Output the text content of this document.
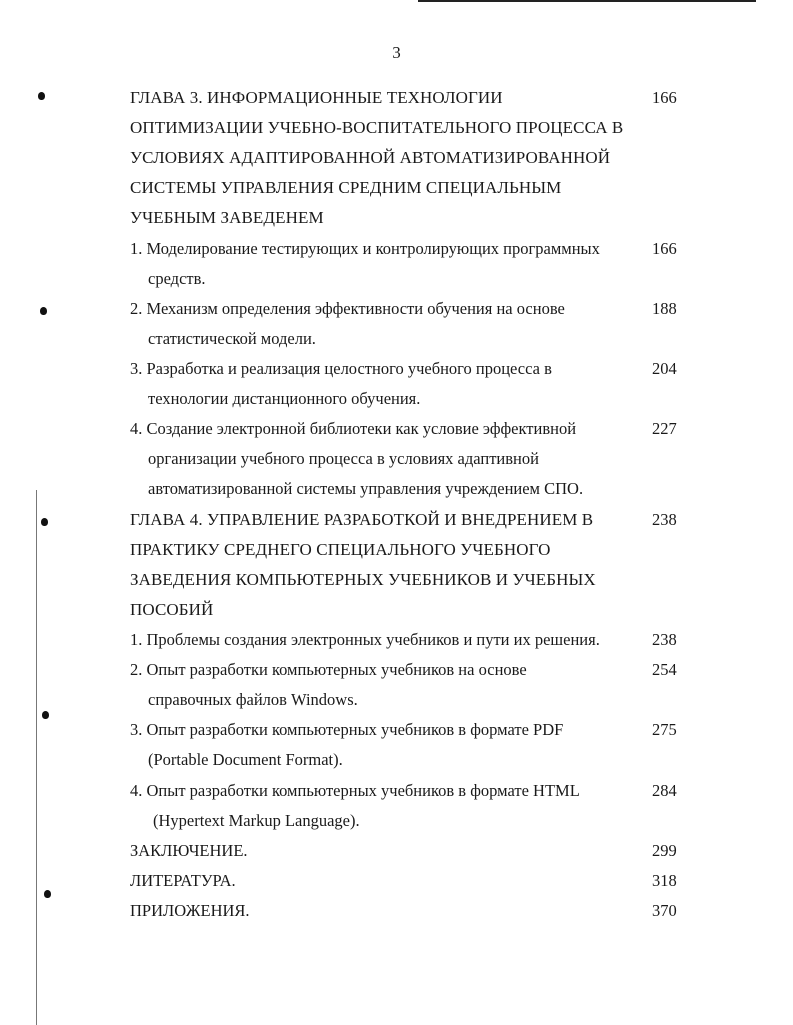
3
ГЛАВА 3. ИНФОРМАЦИОННЫЕ ТЕХНОЛОГИИ	166
ОПТИМИЗАЦИИ УЧЕБНО-ВОСПИТАТЕЛЬНОГО ПРОЦЕССА В
УСЛОВИЯХ АДАПТИРОВАННОЙ АВТОМАТИЗИРОВАННОЙ
СИСТЕМЫ УПРАВЛЕНИЯ СРЕДНИМ СПЕЦИАЛЬНЫМ
УЧЕБНЫМ ЗАВЕДЕНЕМ
1. Моделирование тестирующих и контролирующих программных	166
средств.
2. Механизм определения эффективности обучения на основе	188
статистической модели.
3. Разработка и реализация целостного учебного процесса в	204
технологии дистанционного обучения.
4. Создание электронной библиотеки как условие эффективной	227
организации учебного процесса в условиях адаптивной
автоматизированной системы управления учреждением СПО.
ГЛАВА 4. УПРАВЛЕНИЕ РАЗРАБОТКОЙ И ВНЕДРЕНИЕМ В	238
ПРАКТИКУ СРЕДНЕГО СПЕЦИАЛЬНОГО УЧЕБНОГО
ЗАВЕДЕНИЯ КОМПЬЮТЕРНЫХ УЧЕБНИКОВ И УЧЕБНЫХ
ПОСОБИЙ
1. Проблемы создания электронных учебников и пути их решения.	238
2. Опыт разработки компьютерных учебников на основе	254
справочных файлов Windows.
3. Опыт разработки компьютерных учебников в формате PDF	275
(Portable Document Format).
4. Опыт разработки компьютерных учебников в формате HTML	284
(Hypertext Markup Language).
ЗАКЛЮЧЕНИЕ.	299
ЛИТЕРАТУРА.	318
ПРИЛОЖЕНИЯ.	370
